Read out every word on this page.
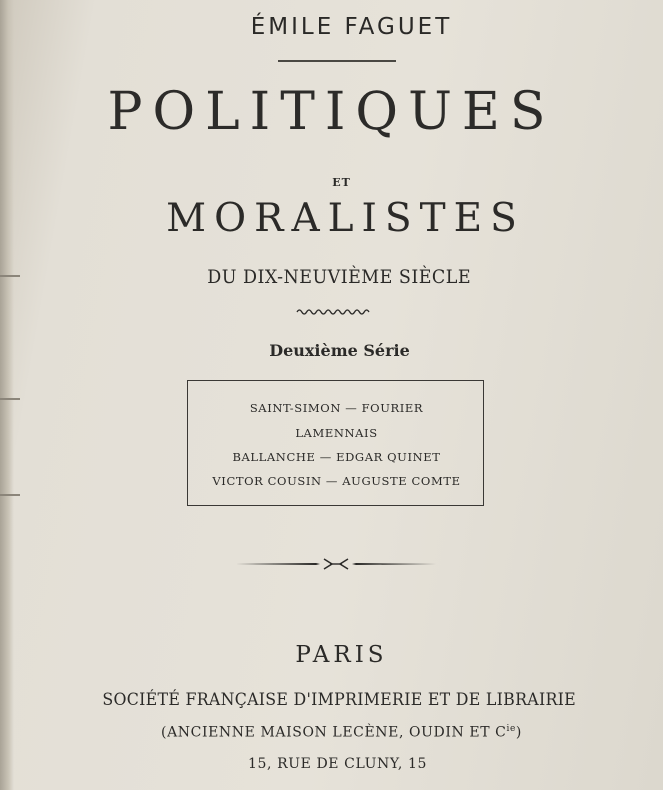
ÉMILE FAGUET
POLITIQUES
ET
MORALISTES
DU DIX-NEUVIÈME SIÈCLE
Deuxième Série
SAINT-SIMON — FOURIER
LAMENNAIS
BALLANCHE — EDGAR QUINET
VICTOR COUSIN — AUGUSTE COMTE
PARIS
SOCIÉTÉ FRANÇAISE D'IMPRIMERIE ET DE LIBRAIRIE
(ANCIENNE MAISON LECÈNE, OUDIN ET $C^{ie}$)
15, RUE DE CLUNY, 15
